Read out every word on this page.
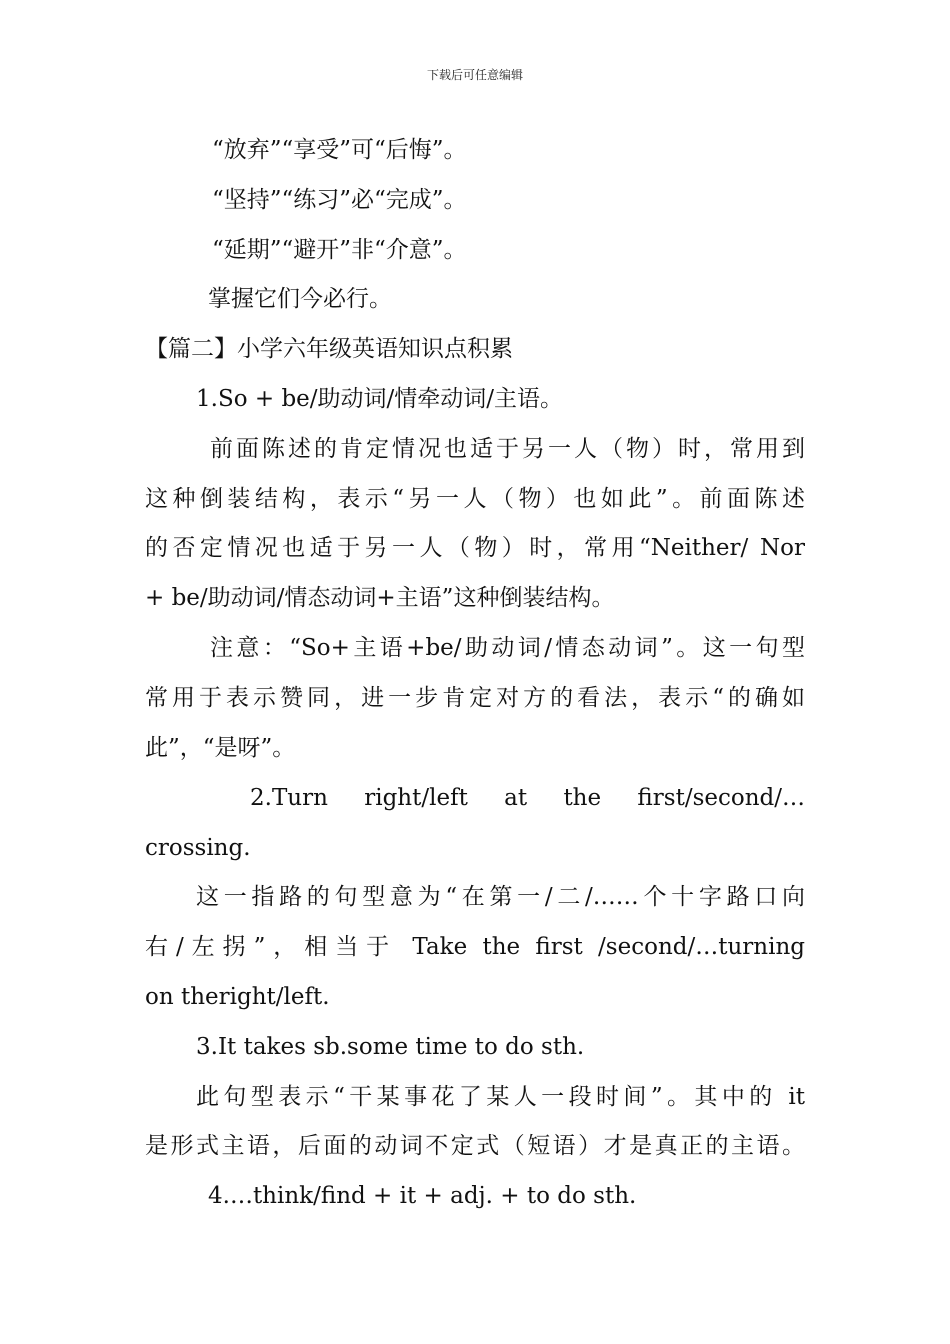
下载后可任意编辑
“放弃”“享受”可“后悔”。
“坚持”“练习”必“完成”。
“延期”“避开”非“介意”。
掌握它们今必行。
【篇二】小学六年级英语知识点积累
1.So + be/助动词/情牵动词/主语。
前面陈述的肯定情况也适于另一人（物）时，常用到
这种倒装结构，表示“另一人（物）也如此”。前面陈述
的否定情况也适于另一人（物）时，常用“Neither/ Nor
+ be/助动词/情态动词+主语”这种倒装结构。
注意：“So+主语+be/助动词/情态动词”。这一句型
常用于表示赞同，进一步肯定对方的看法，表示“的确如
此”，“是呀”。
2.Turn right/left at the first/second/…
crossing.
这一指路的句型意为“在第一/二/……个十字路口向
右/左拐”，相当于 Take the first /second/…turning
on theright/left.
3.It takes sb.some time to do sth.
此句型表示“干某事花了某人一段时间”。其中的 it
是形式主语，后面的动词不定式（短语）才是真正的主语。
4.…think/find + it + adj. + to do sth.
